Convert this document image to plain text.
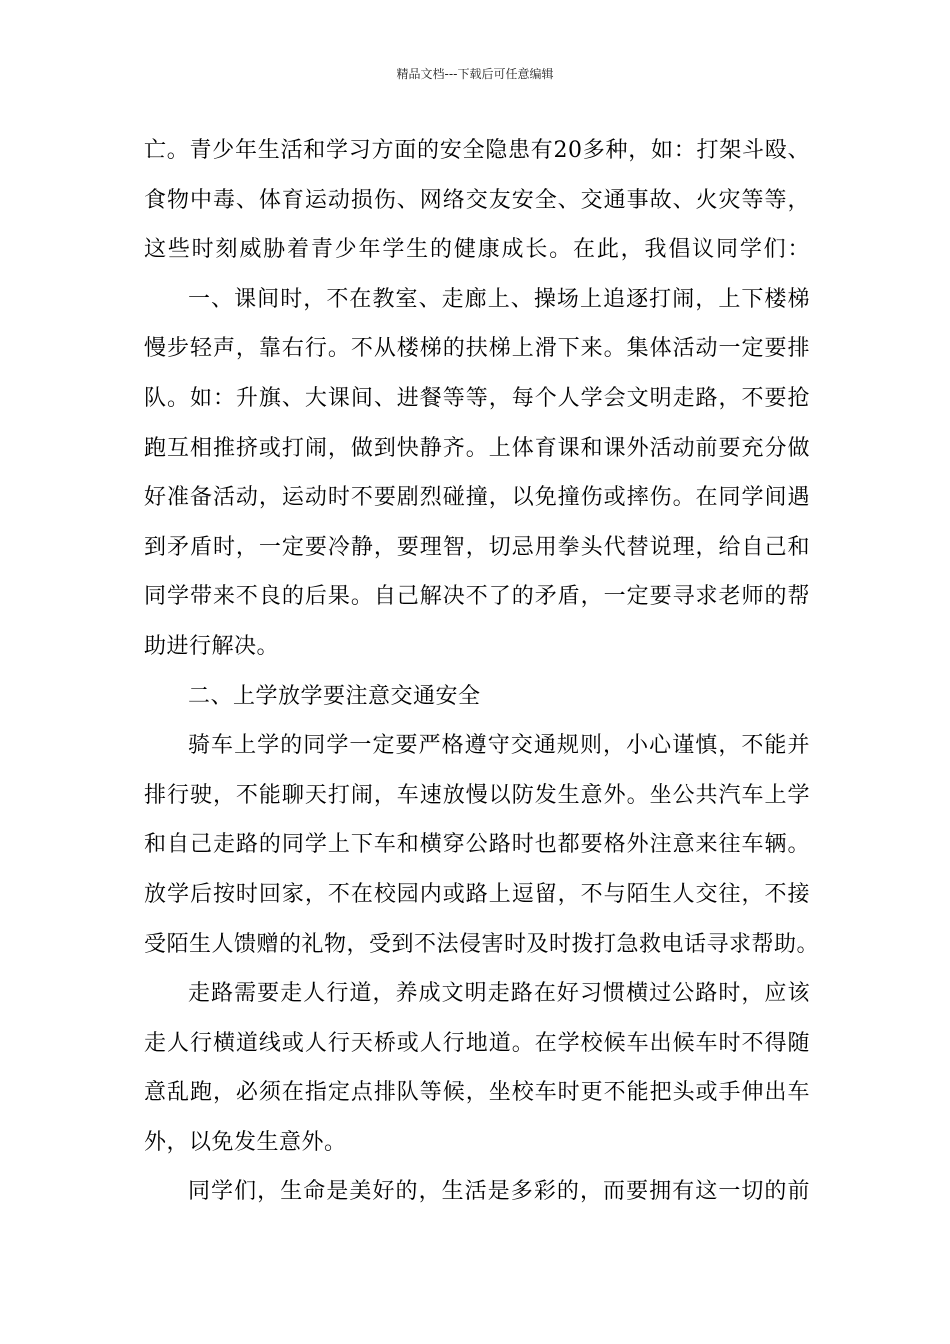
精品文档---下载后可任意编辑
亡。青少年生活和学习方面的安全隐患有20多种，如：打架斗殴、
食物中毒、体育运动损伤、网络交友安全、交通事故、火灾等等，
这些时刻威胁着青少年学生的健康成长。在此，我倡议同学们：
一、课间时，不在教室、走廊上、操场上追逐打闹，上下楼梯
慢步轻声，靠右行。不从楼梯的扶梯上滑下来。集体活动一定要排
队。如：升旗、大课间、进餐等等，每个人学会文明走路，不要抢
跑互相推挤或打闹，做到快静齐。上体育课和课外活动前要充分做
好准备活动，运动时不要剧烈碰撞，以免撞伤或摔伤。在同学间遇
到矛盾时，一定要冷静，要理智，切忌用拳头代替说理，给自己和
同学带来不良的后果。自己解决不了的矛盾，一定要寻求老师的帮
助进行解决。
二、上学放学要注意交通安全
骑车上学的同学一定要严格遵守交通规则，小心谨慎，不能并
排行驶，不能聊天打闹，车速放慢以防发生意外。坐公共汽车上学
和自己走路的同学上下车和横穿公路时也都要格外注意来往车辆。
放学后按时回家，不在校园内或路上逗留，不与陌生人交往，不接
受陌生人馈赠的礼物，受到不法侵害时及时拨打急救电话寻求帮助。
走路需要走人行道，养成文明走路在好习惯横过公路时，应该
走人行横道线或人行天桥或人行地道。在学校候车出候车时不得随
意乱跑，必须在指定点排队等候，坐校车时更不能把头或手伸出车
外，以免发生意外。
同学们，生命是美好的，生活是多彩的，而要拥有这一切的前
